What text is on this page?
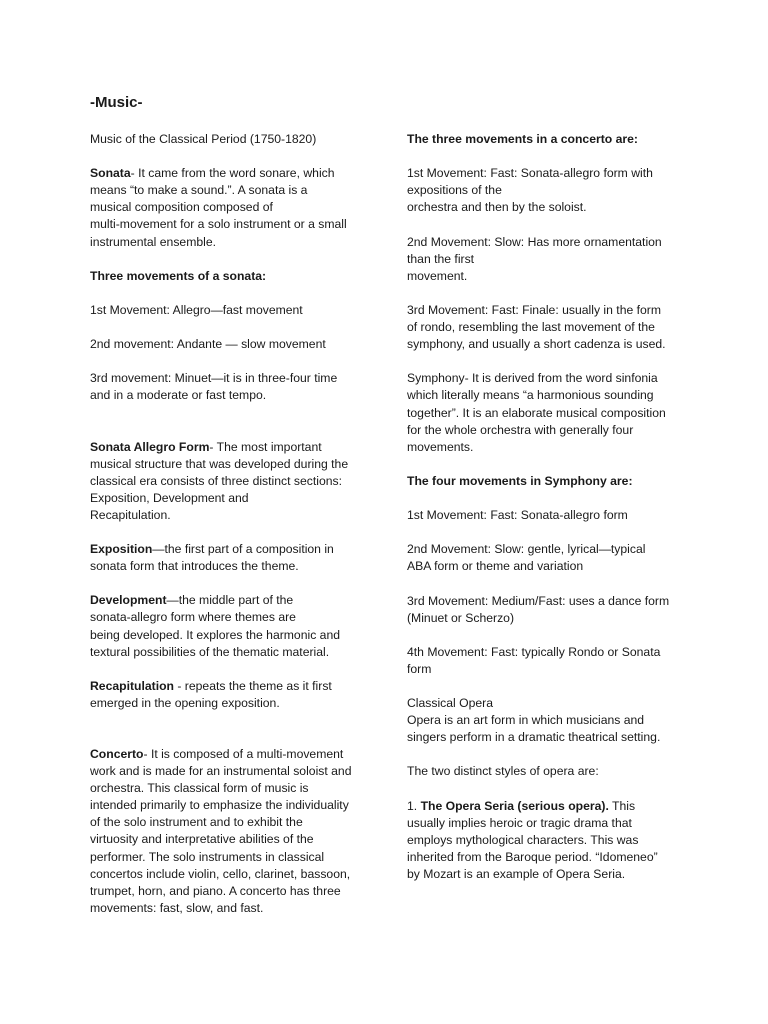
-Music-

Music of the Classical Period (1750-1820)

Sonata- It came from the word sonare, which
means “to make a sound.”. A sonata is a
musical composition composed of
multi-movement for a solo instrument or a small
instrumental ensemble.

Three movements of a sonata:

1st Movement: Allegro—fast movement

2nd movement: Andante — slow movement

3rd movement: Minuet—it is in three-four time
and in a moderate or fast tempo.

Sonata Allegro Form- The most important
musical structure that was developed during the
classical era consists of three distinct sections:
Exposition, Development and
Recapitulation.

Exposition—the first part of a composition in
sonata form that introduces the theme.

Development—the middle part of the
sonata-allegro form where themes are
being developed. It explores the harmonic and
textural possibilities of the thematic material.

Recapitulation - repeats the theme as it first
emerged in the opening exposition.

Concerto- It is composed of a multi-movement
work and is made for an instrumental soloist and
orchestra. This classical form of music is
intended primarily to emphasize the individuality
of the solo instrument and to exhibit the
virtuosity and interpretative abilities of the
performer. The solo instruments in classical
concertos include violin, cello, clarinet, bassoon,
trumpet, horn, and piano. A concerto has three
movements: fast, slow, and fast.

The three movements in a concerto are:

1st Movement: Fast: Sonata-allegro form with
expositions of the
orchestra and then by the soloist.

2nd Movement: Slow: Has more ornamentation
than the first
movement.

3rd Movement: Fast: Finale: usually in the form
of rondo, resembling the last movement of the
symphony, and usually a short cadenza is used.

Symphony- It is derived from the word sinfonia
which literally means “a harmonious sounding
together”. It is an elaborate musical composition
for the whole orchestra with generally four
movements.

The four movements in Symphony are:

1st Movement: Fast: Sonata-allegro form

2nd Movement: Slow: gentle, lyrical—typical
ABA form or theme and variation

3rd Movement: Medium/Fast: uses a dance form
(Minuet or Scherzo)

4th Movement: Fast: typically Rondo or Sonata
form

Classical Opera
Opera is an art form in which musicians and
singers perform in a dramatic theatrical setting.

The two distinct styles of opera are:

1. The Opera Seria (serious opera). This
usually implies heroic or tragic drama that
employs mythological characters. This was
inherited from the Baroque period. “Idomeneo”
by Mozart is an example of Opera Seria.
